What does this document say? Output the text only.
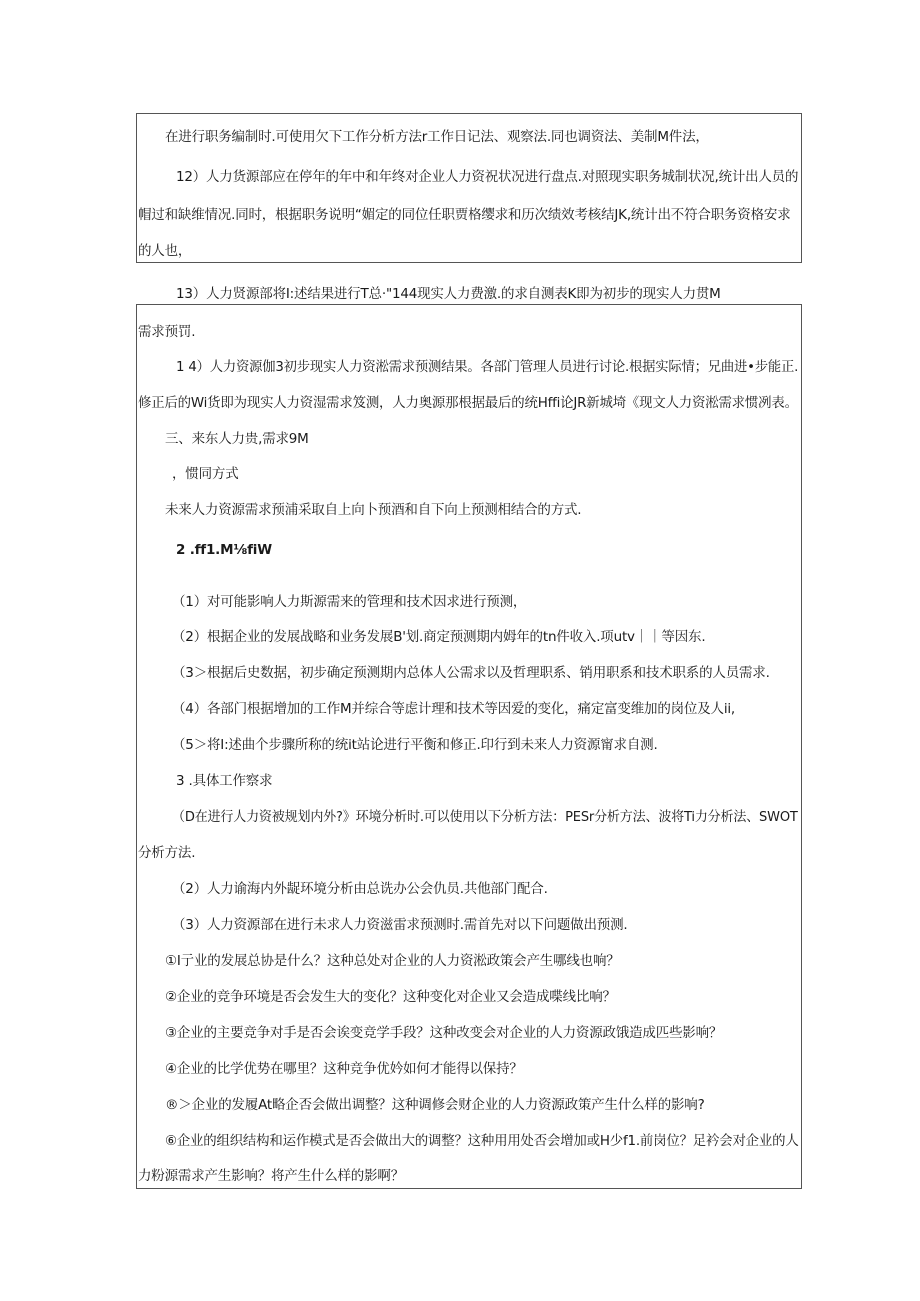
在进行职务编制时.可使用欠下工作分析方法r工作日记法、观察法.同也调资法、美制M件法，
12）人力货源部应在停年的年中和年终对企业人力资祝状况进行盘点.对照现实职务城制状况,统计出人员的
帽过和缺维情况.同时，根据职务说明“媚定的同位任职贾格缨求和历次绩效考核结JK,统计出不符合职务资格安求
的人也，
13）人力贤源部将I:述结果进行T总·"144现实人力费激.的求自测表K即为初步的现实人力贯M
需求预罚.
1 4）人力资源伽3初步现实人力资淞需求预测结果。各部门管理人员进行讨论.根据实际情；兄曲进•步能正.
修正后的Wi货即为现实人力资湿需求笈测，人力奥源那根据最后的统Hffi论JR新城埼《现文人力资淞需求惯冽表。
三、来东人力贵,需求9M
，惯同方式
未来人力资源需求预浦采取自上向卜预酒和自下向上预测相结合的方式.
2 .ff1.M⅛fiW
（1）对可能影响人力斯源需来的管理和技术因求进行预测，
（2）根据企业的发展战略和业务发展B'划.商定预测期内姆年的tn件收入.项utv｜｜等因东.
（3＞根据后史数据，初步确定预测期内总体人公需求以及哲理职系、销用职系和技术职系的人员需求.
（4）各部门根据增加的工作M并综合等虑计理和技术等因爱的变化，痛定富变维加的岗位及人ii,
（5＞将I:述曲个步骤所称的统it站论进行平衡和修正.印行到未来人力资源甯求自测.
3 .具体工作察求
（D在进行人力资被规划内外?》环境分析时.可以使用以下分析方法：PESr分析方法、波将Ti力分析法、SWOT
分析方法.
（2）人力谕海内外龊环境分析由总诜办公会仇员.共他部门配合.
（3）人力资源部在进行未求人力资滋雷求预测时.需首先对以下问题做出预测.
①I亍业的发展总协是什么？这种总处对企业的人力资淞政策会产生哪线也响？
②企业的竞争环境是否会发生大的变化？这种变化对企业又会造成喋线比响？
③企业的主要竞争对手是否会诶变竞学手段？这种改变会对企业的人力资源政饿造成匹些影响？
④企业的比学优势在哪里？这种竞争优妗如何才能得以保持？
®＞企业的发履At略企否会做出调整？这种调修会财企业的人力资源政策产生什么样的影响?
⑥企业的组织结构和运作模式是否会做出大的调整？这种用用处否会增加或H少f1.前岗位？足衿会对企业的人
力粉源需求产生影响？将产生什么样的影啊？
